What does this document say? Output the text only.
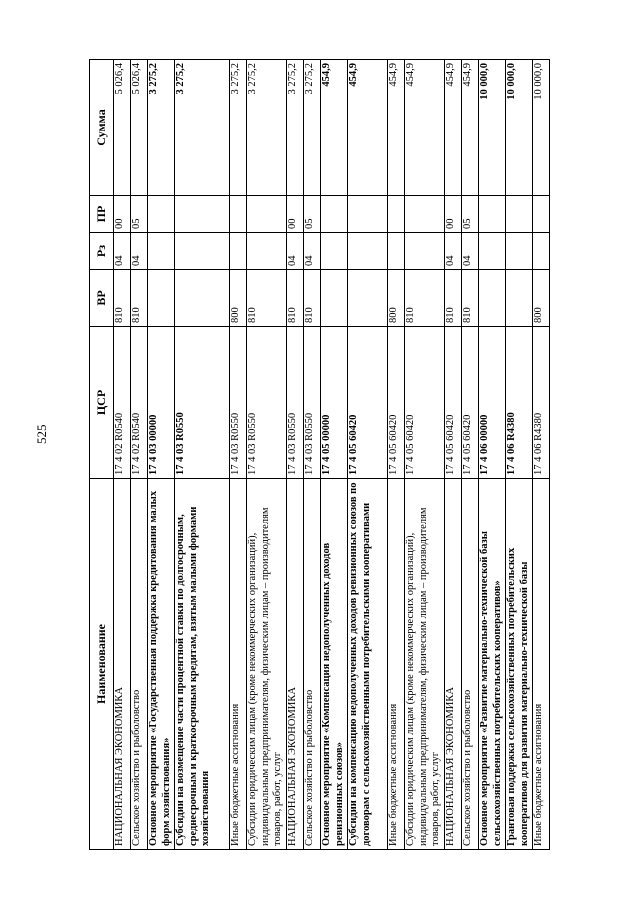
525
Наименование	ЦСР	ВР	Рз	ПР	Сумма
НАЦИОНАЛЬНАЯ ЭКОНОМИКА	17 4 02 R0540	810	04	00	5 026,4
Сельское хозяйство и рыболовство	17 4 02 R0540	810	04	05	5 026,4
Основное мероприятие «Государственная поддержка кредитования малых форм хозяйствования»	17 4 03 00000				3 275,2
Субсидии на возмещение части процентной ставки по долгосрочным, среднесрочным и краткосрочным кредитам, взятым малыми формами хозяйствования	17 4 03 R0550				3 275,2
Иные бюджетные ассигнования	17 4 03 R0550	800			3 275,2
Субсидии юридическим лицам (кроме некоммерческих организаций), индивидуальным предпринимателям, физическим лицам – производителям товаров, работ, услуг	17 4 03 R0550	810			3 275,2
НАЦИОНАЛЬНАЯ ЭКОНОМИКА	17 4 03 R0550	810	04	00	3 275,2
Сельское хозяйство и рыболовство	17 4 03 R0550	810	04	05	3 275,2
Основное мероприятие «Компенсация недополученных доходов ревизионных союзов»	17 4 05 00000				454,9
Субсидии на компенсацию недополученных доходов ревизионных союзов по договорам с сельскохозяйственными потребительскими кооперативами	17 4 05 60420				454,9
Иные бюджетные ассигнования	17 4 05 60420	800			454,9
Субсидии юридическим лицам (кроме некоммерческих организаций), индивидуальным предпринимателям, физическим лицам – производителям товаров, работ, услуг	17 4 05 60420	810			454,9
НАЦИОНАЛЬНАЯ ЭКОНОМИКА	17 4 05 60420	810	04	00	454,9
Сельское хозяйство и рыболовство	17 4 05 60420	810	04	05	454,9
Основное мероприятие «Развитие материально-технической базы сельскохозяйственных потребительских кооперативов»	17 4 06 00000				10 000,0
Грантовая поддержка сельскохозяйственных потребительских кооперативов для развития материально-технической базы	17 4 06 R4380				10 000,0
Иные бюджетные ассигнования	17 4 06 R4380	800			10 000,0
